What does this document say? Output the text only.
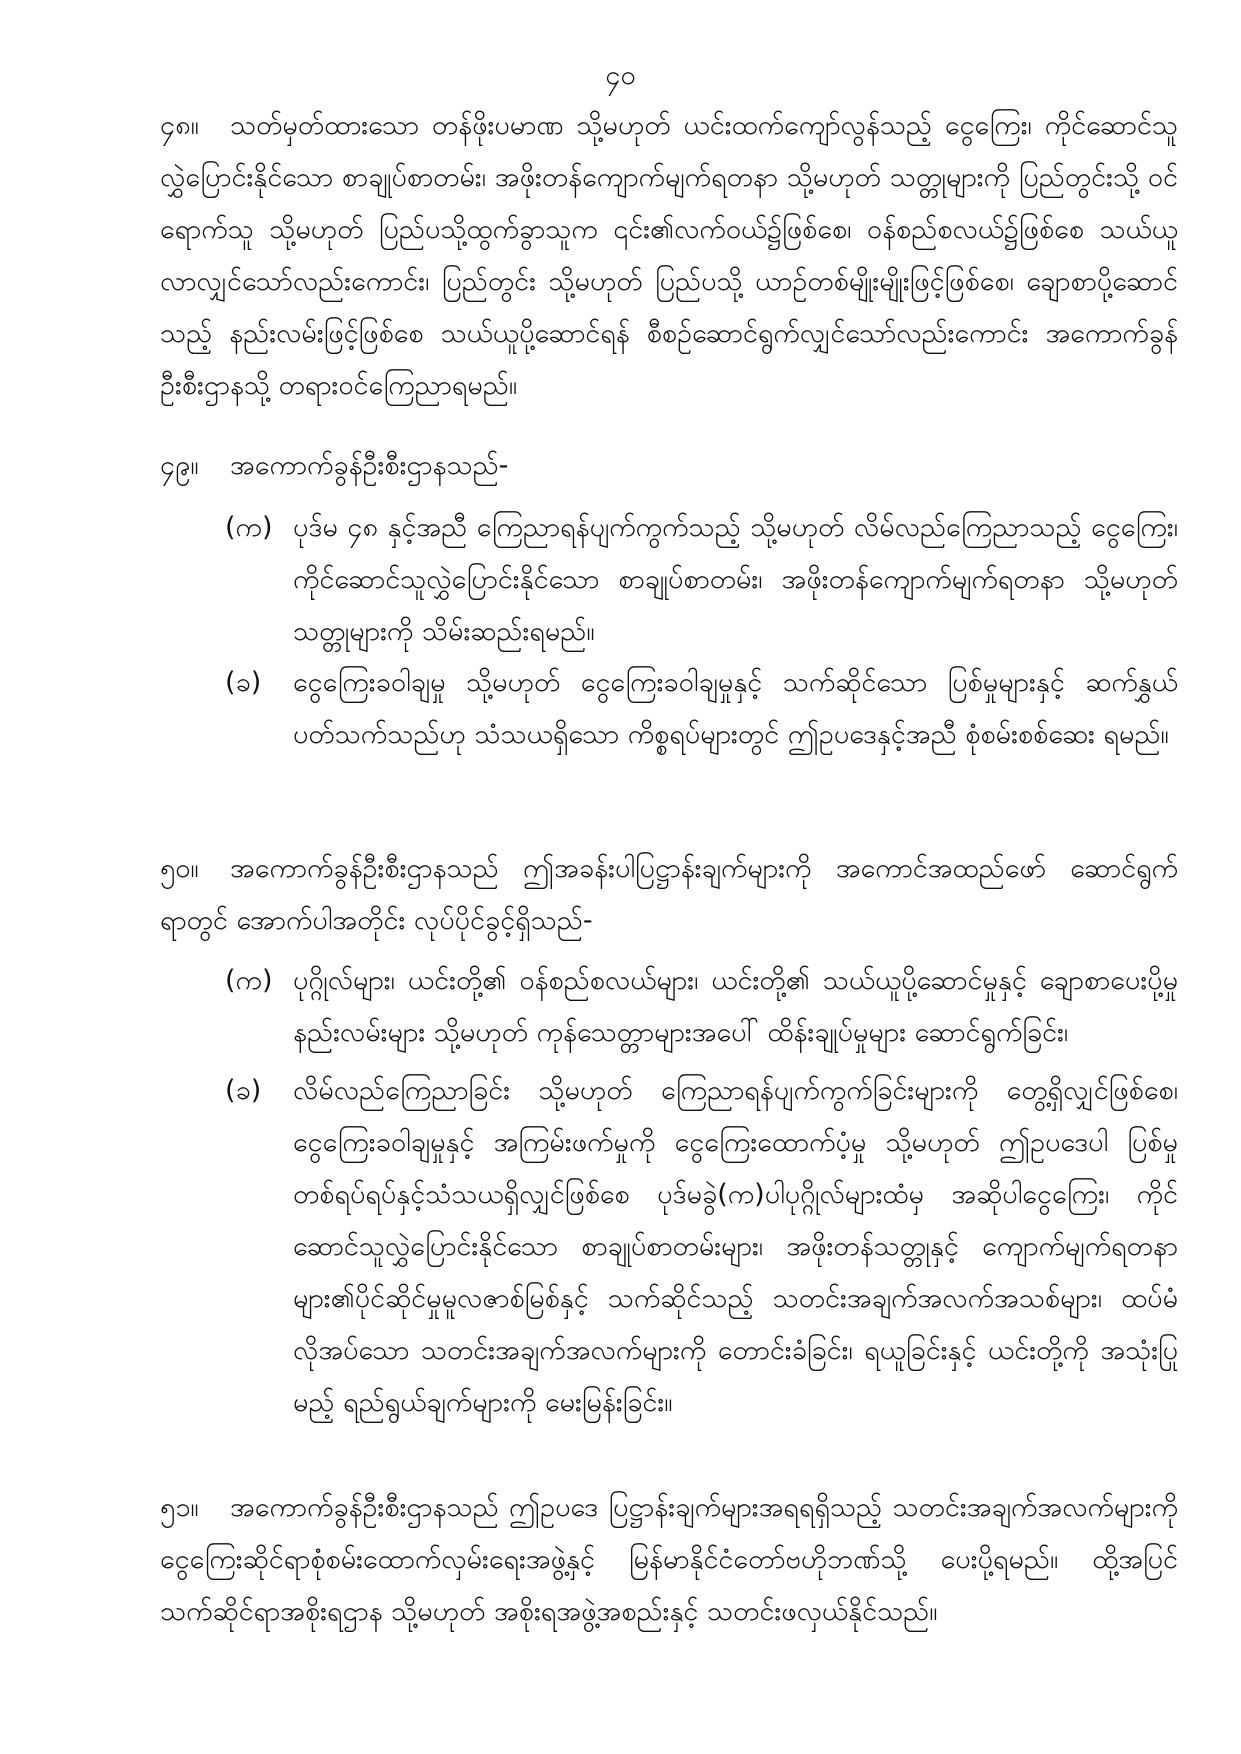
၄၀
၄၈။ သတ်မှတ်ထားသော တန်ဖိုးပမာဏ သို့မဟုတ် ယင်းထက်ကျော်လွန်သည့် ငွေကြေး၊ ကိုင်ဆောင်သူလွှဲပြောင်းနိုင်သော စာချုပ်စာတမ်း၊ အဖိုးတန်ကျောက်မျက်ရတနာ သို့မဟုတ် သတ္တုများကို ပြည်တွင်းသို့ ဝင်ရောက်သူ သို့မဟုတ် ပြည်ပသို့ထွက်ခွာသူက ၎င်း၏လက်ဝယ်၌ဖြစ်စေ၊ ဝန်စည်စလယ်၌ဖြစ်စေ သယ်ယူလာလျှင်သော်လည်းကောင်း၊ ပြည်တွင်း သို့မဟုတ် ပြည်ပသို့ ယာဉ်တစ်မျိုးမျိုးဖြင့်ဖြစ်စေ၊ ချောစာပို့ဆောင်သည့် နည်းလမ်းဖြင့်ဖြစ်စေ သယ်ယူပို့ဆောင်ရန် စီစဉ်ဆောင်ရွက်လျှင်သော်လည်းကောင်း အကောက်ခွန်ဦးစီးဌာနသို့ တရားဝင်ကြေညာရမည်။
၄၉။ အကောက်ခွန်ဦးစီးဌာနသည်-
(က) ပုဒ်မ ၄၈ နှင့်အညီ ကြေညာရန်ပျက်ကွက်သည့် သို့မဟုတ် လိမ်လည်ကြေညာသည့် ငွေကြေး၊ ကိုင်ဆောင်သူလွှဲပြောင်းနိုင်သော စာချုပ်စာတမ်း၊ အဖိုးတန်ကျောက်မျက်ရတနာ သို့မဟုတ် သတ္တုများကို သိမ်းဆည်းရမည်။
(ခ)	ငွေကြေးခဝါချမှု သို့မဟုတ် ငွေကြေးခဝါချမှုနှင့် သက်ဆိုင်သော ပြစ်မှုများနှင့် ဆက်နွှယ် ပတ်သက်သည်ဟု သံသယရှိသော ကိစ္စရပ်များတွင် ဤဥပဒေနှင့်အညီ စုံစမ်းစစ်ဆေး ရမည်။
၅၀။ အကောက်ခွန်ဦးစီးဌာနသည် ဤအခန်းပါပြဋ္ဌာန်းချက်များကို အကောင်အထည်ဖော် ဆောင်ရွက်ရာတွင် အောက်ပါအတိုင်း လုပ်ပိုင်ခွင့်ရှိသည်-
(က) ပုဂ္ဂိုလ်များ၊ ယင်းတို့၏ ဝန်စည်စလယ်များ၊ ယင်းတို့၏ သယ်ယူပို့ဆောင်မှုနှင့် ချောစာပေးပို့မှုနည်းလမ်းများ သို့မဟုတ် ကုန်သေတ္တာများအပေါ် ထိန်းချုပ်မှုများ ဆောင်ရွက်ခြင်း၊
(ခ)	လိမ်လည်ကြေညာခြင်း သို့မဟုတ် ကြေညာရန်ပျက်ကွက်ခြင်းများကို တွေ့ရှိလျှင်ဖြစ်စေ၊ ငွေကြေးခဝါချမှုနှင့် အကြမ်းဖက်မှုကို ငွေကြေးထောက်ပံ့မှု သို့မဟုတ် ဤဥပဒေပါ ပြစ်မှုတစ်ရပ်ရပ်နှင့်သံသယရှိလျှင်ဖြစ်စေ ပုဒ်မခွဲ(က)ပါပုဂ္ဂိုလ်များထံမှ အဆိုပါငွေကြေး၊ ကိုင်ဆောင်သူလွှဲပြောင်းနိုင်သော စာချုပ်စာတမ်းများ၊ အဖိုးတန်သတ္တုနှင့် ကျောက်မျက်ရတနာများ၏ပိုင်ဆိုင်မှုမူလဇာစ်မြစ်နှင့် သက်ဆိုင်သည့် သတင်းအချက်အလက်အသစ်များ၊ ထပ်မံလိုအပ်သော သတင်းအချက်အလက်များကို တောင်းခံခြင်း၊ ရယူခြင်းနှင့် ယင်းတို့ကို အသုံးပြုမည့် ရည်ရွယ်ချက်များကို မေးမြန်းခြင်း။
၅၁။ အကောက်ခွန်ဦးစီးဌာနသည် ဤဥပဒေ ပြဋ္ဌာန်းချက်များအရရရှိသည့် သတင်းအချက်အလက်များကို ငွေကြေးဆိုင်ရာစုံစမ်းထောက်လှမ်းရေးအဖွဲ့နှင့် မြန်မာနိုင်ငံတော်ဗဟိုဘဏ်သို့ ပေးပို့ရမည်။ ထို့အပြင် သက်ဆိုင်ရာအစိုးရဌာန သို့မဟုတ် အစိုးရအဖွဲ့အစည်းနှင့် သတင်းဖလှယ်နိုင်သည်။
